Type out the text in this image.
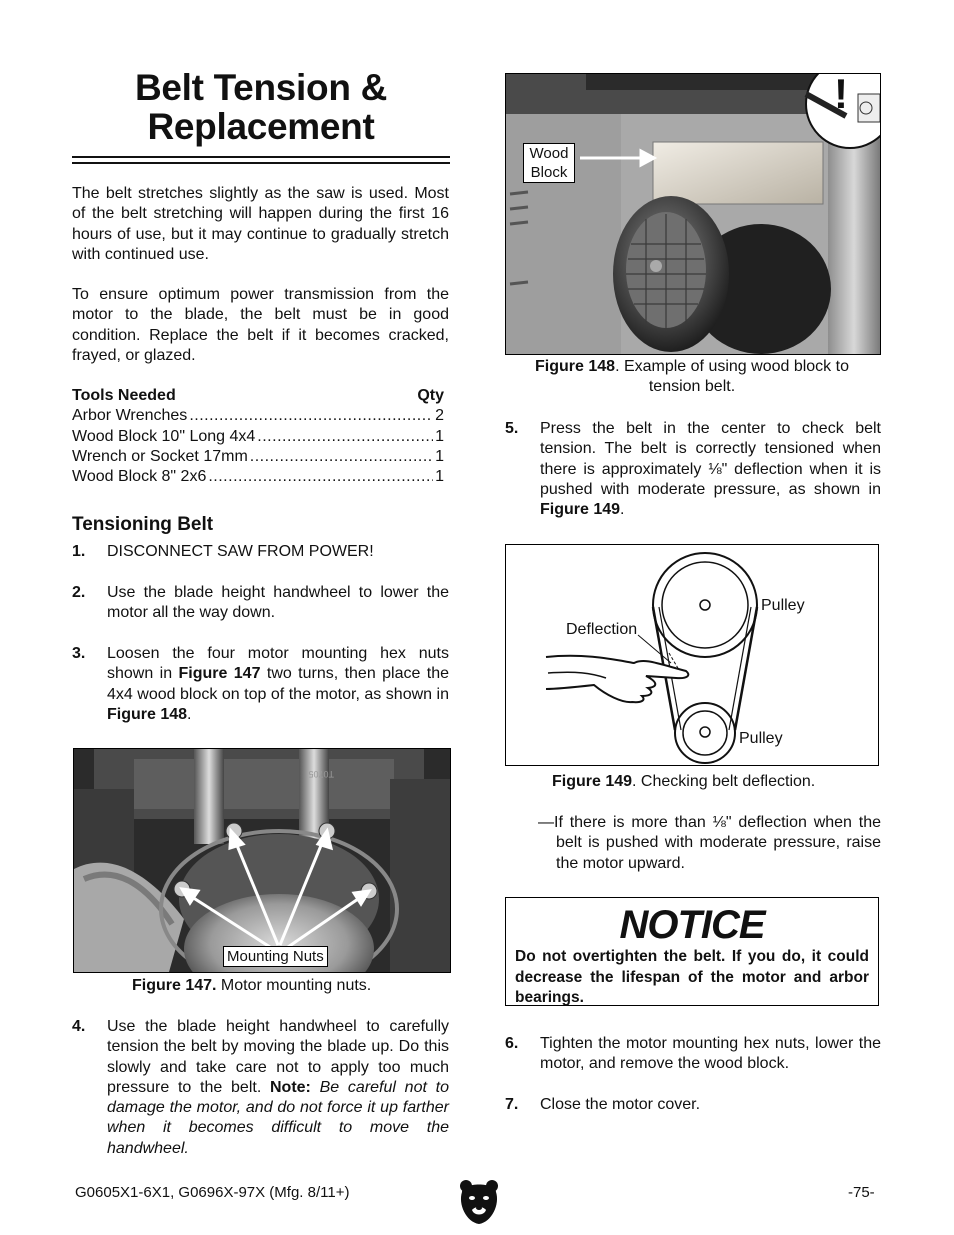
Belt Tension &
Replacement
The belt stretches slightly as the saw is used. Most of the belt stretching will happen during the first 16 hours of use, but it may continue to gradually stretch with continued use.
To ensure optimum power transmission from the motor to the blade, the belt must be in good condition. Replace the belt if it becomes cracked, frayed, or glazed.
Tools Needed	Qty
Arbor Wrenches .....	2
Wood Block 10" Long 4x4 .....	1
Wrench or Socket 17mm .....	1
Wood Block 8" 2x6 .....	1
Tensioning Belt
1.	DISCONNECT SAW FROM POWER!
2.	Use the blade height handwheel to lower the motor all the way down.
3.	Loosen the four motor mounting hex nuts shown in Figure 147 two turns, then place the 4x4 wood block on top of the motor, as shown in Figure 148.
T0705
Mounting Nuts
Figure 147. Motor mounting nuts.
4.	Use the blade height handwheel to carefully tension the belt by moving the blade up. Do this slowly and take care not to apply too much pressure to the belt. Note: Be careful not to damage the motor, and do not force it up farther when it becomes difficult to move the handwheel.
!
Wood
Block
Figure 148. Example of using wood block to
tension belt.
5.	Press the belt in the center to check belt tension. The belt is correctly tensioned when there is approximately ⅛" deflection when it is pushed with moderate pressure, as shown in Figure 149.
Pulley
Deflection
Pulley
Figure 149. Checking belt deflection.
—If there is more than ⅛" deflection when the belt is pushed with moderate pressure, raise the motor upward.
NOTICE
Do not overtighten the belt. If you do, it could decrease the lifespan of the motor and arbor bearings.
6.	Tighten the motor mounting hex nuts, lower the motor, and remove the wood block.
7.	Close the motor cover.
G0605X1-6X1, G0696X-97X (Mfg. 8/11+)	-75-
